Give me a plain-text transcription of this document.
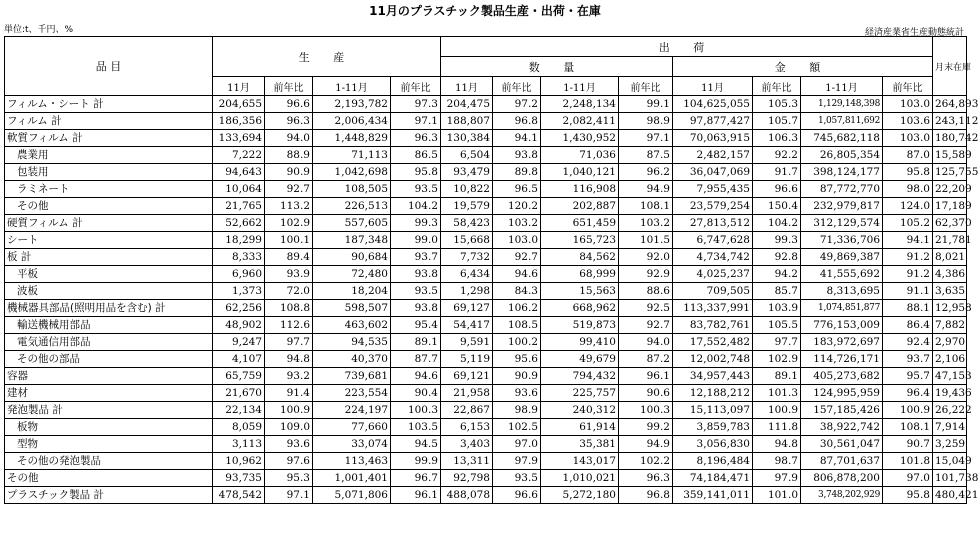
11月のプラスチック製品生産・出荷・在庫
単位:t、千円、%	経済産業省生産動態統計
品 目	生 産				出 荷								月末在庫
					数 量				金 額				
	11月	前年比	1-11月	前年比	11月	前年比	1-11月	前年比	11月	前年比	1-11月	前年比	
フィルム・シート 計	204,655	96.6	2,193,782	97.3	204,475	97.2	2,248,134	99.1	104,625,055	105.3	1,129,148,398	103.0	264,893
フィルム 計	186,356	96.3	2,006,434	97.1	188,807	96.8	2,082,411	98.9	97,877,427	105.7	1,057,811,692	103.6	243,112
軟質フィルム 計	133,694	94.0	1,448,829	96.3	130,384	94.1	1,430,952	97.1	70,063,915	106.3	745,682,118	103.0	180,742
農業用	7,222	88.9	71,113	86.5	6,504	93.8	71,036	87.5	2,482,157	92.2	26,805,354	87.0	15,589
包装用	94,643	90.9	1,042,698	95.8	93,479	89.8	1,040,121	96.2	36,047,069	91.7	398,124,177	95.8	125,755
ラミネート	10,064	92.7	108,505	93.5	10,822	96.5	116,908	94.9	7,955,435	96.6	87,772,770	98.0	22,209
その他	21,765	113.2	226,513	104.2	19,579	120.2	202,887	108.1	23,579,254	150.4	232,979,817	124.0	17,189
硬質フィルム 計	52,662	102.9	557,605	99.3	58,423	103.2	651,459	103.2	27,813,512	104.2	312,129,574	105.2	62,370
シート	18,299	100.1	187,348	99.0	15,668	103.0	165,723	101.5	6,747,628	99.3	71,336,706	94.1	21,781
板 計	8,333	89.4	90,684	93.7	7,732	92.7	84,562	92.0	4,734,742	92.8	49,869,387	91.2	8,021
平板	6,960	93.9	72,480	93.8	6,434	94.6	68,999	92.9	4,025,237	94.2	41,555,692	91.2	4,386
波板	1,373	72.0	18,204	93.5	1,298	84.3	15,563	88.6	709,505	85.7	8,313,695	91.1	3,635
機械器具部品(照明用品を含む) 計	62,256	108.8	598,507	93.8	69,127	106.2	668,962	92.5	113,337,991	103.9	1,074,851,877	88.1	12,958
輸送機械用部品	48,902	112.6	463,602	95.4	54,417	108.5	519,873	92.7	83,782,761	105.5	776,153,009	86.4	7,882
電気通信用部品	9,247	97.7	94,535	89.1	9,591	100.2	99,410	94.0	17,552,482	97.7	183,972,697	92.4	2,970
その他の部品	4,107	94.8	40,370	87.7	5,119	95.6	49,679	87.2	12,002,748	102.9	114,726,171	93.7	2,106
容器	65,759	93.2	739,681	94.6	69,121	90.9	794,432	96.1	34,957,443	89.1	405,273,682	95.7	47,153
建材	21,670	91.4	223,554	90.4	21,958	93.6	225,757	90.6	12,188,212	101.3	124,995,959	96.4	19,436
発泡製品 計	22,134	100.9	224,197	100.3	22,867	98.9	240,312	100.3	15,113,097	100.9	157,185,426	100.9	26,222
板物	8,059	109.0	77,660	103.5	6,153	102.5	61,914	99.2	3,859,783	111.8	38,922,742	108.1	7,914
型物	3,113	93.6	33,074	94.5	3,403	97.0	35,381	94.9	3,056,830	94.8	30,561,047	90.7	3,259
その他の発泡製品	10,962	97.6	113,463	99.9	13,311	97.9	143,017	102.2	8,196,484	98.7	87,701,637	101.8	15,049
その他	93,735	95.3	1,001,401	96.7	92,798	93.5	1,010,021	96.3	74,184,471	97.9	806,878,200	97.0	101,738
プラスチック製品 計	478,542	97.1	5,071,806	96.1	488,078	96.6	5,272,180	96.8	359,141,011	101.0	3,748,202,929	95.8	480,421
